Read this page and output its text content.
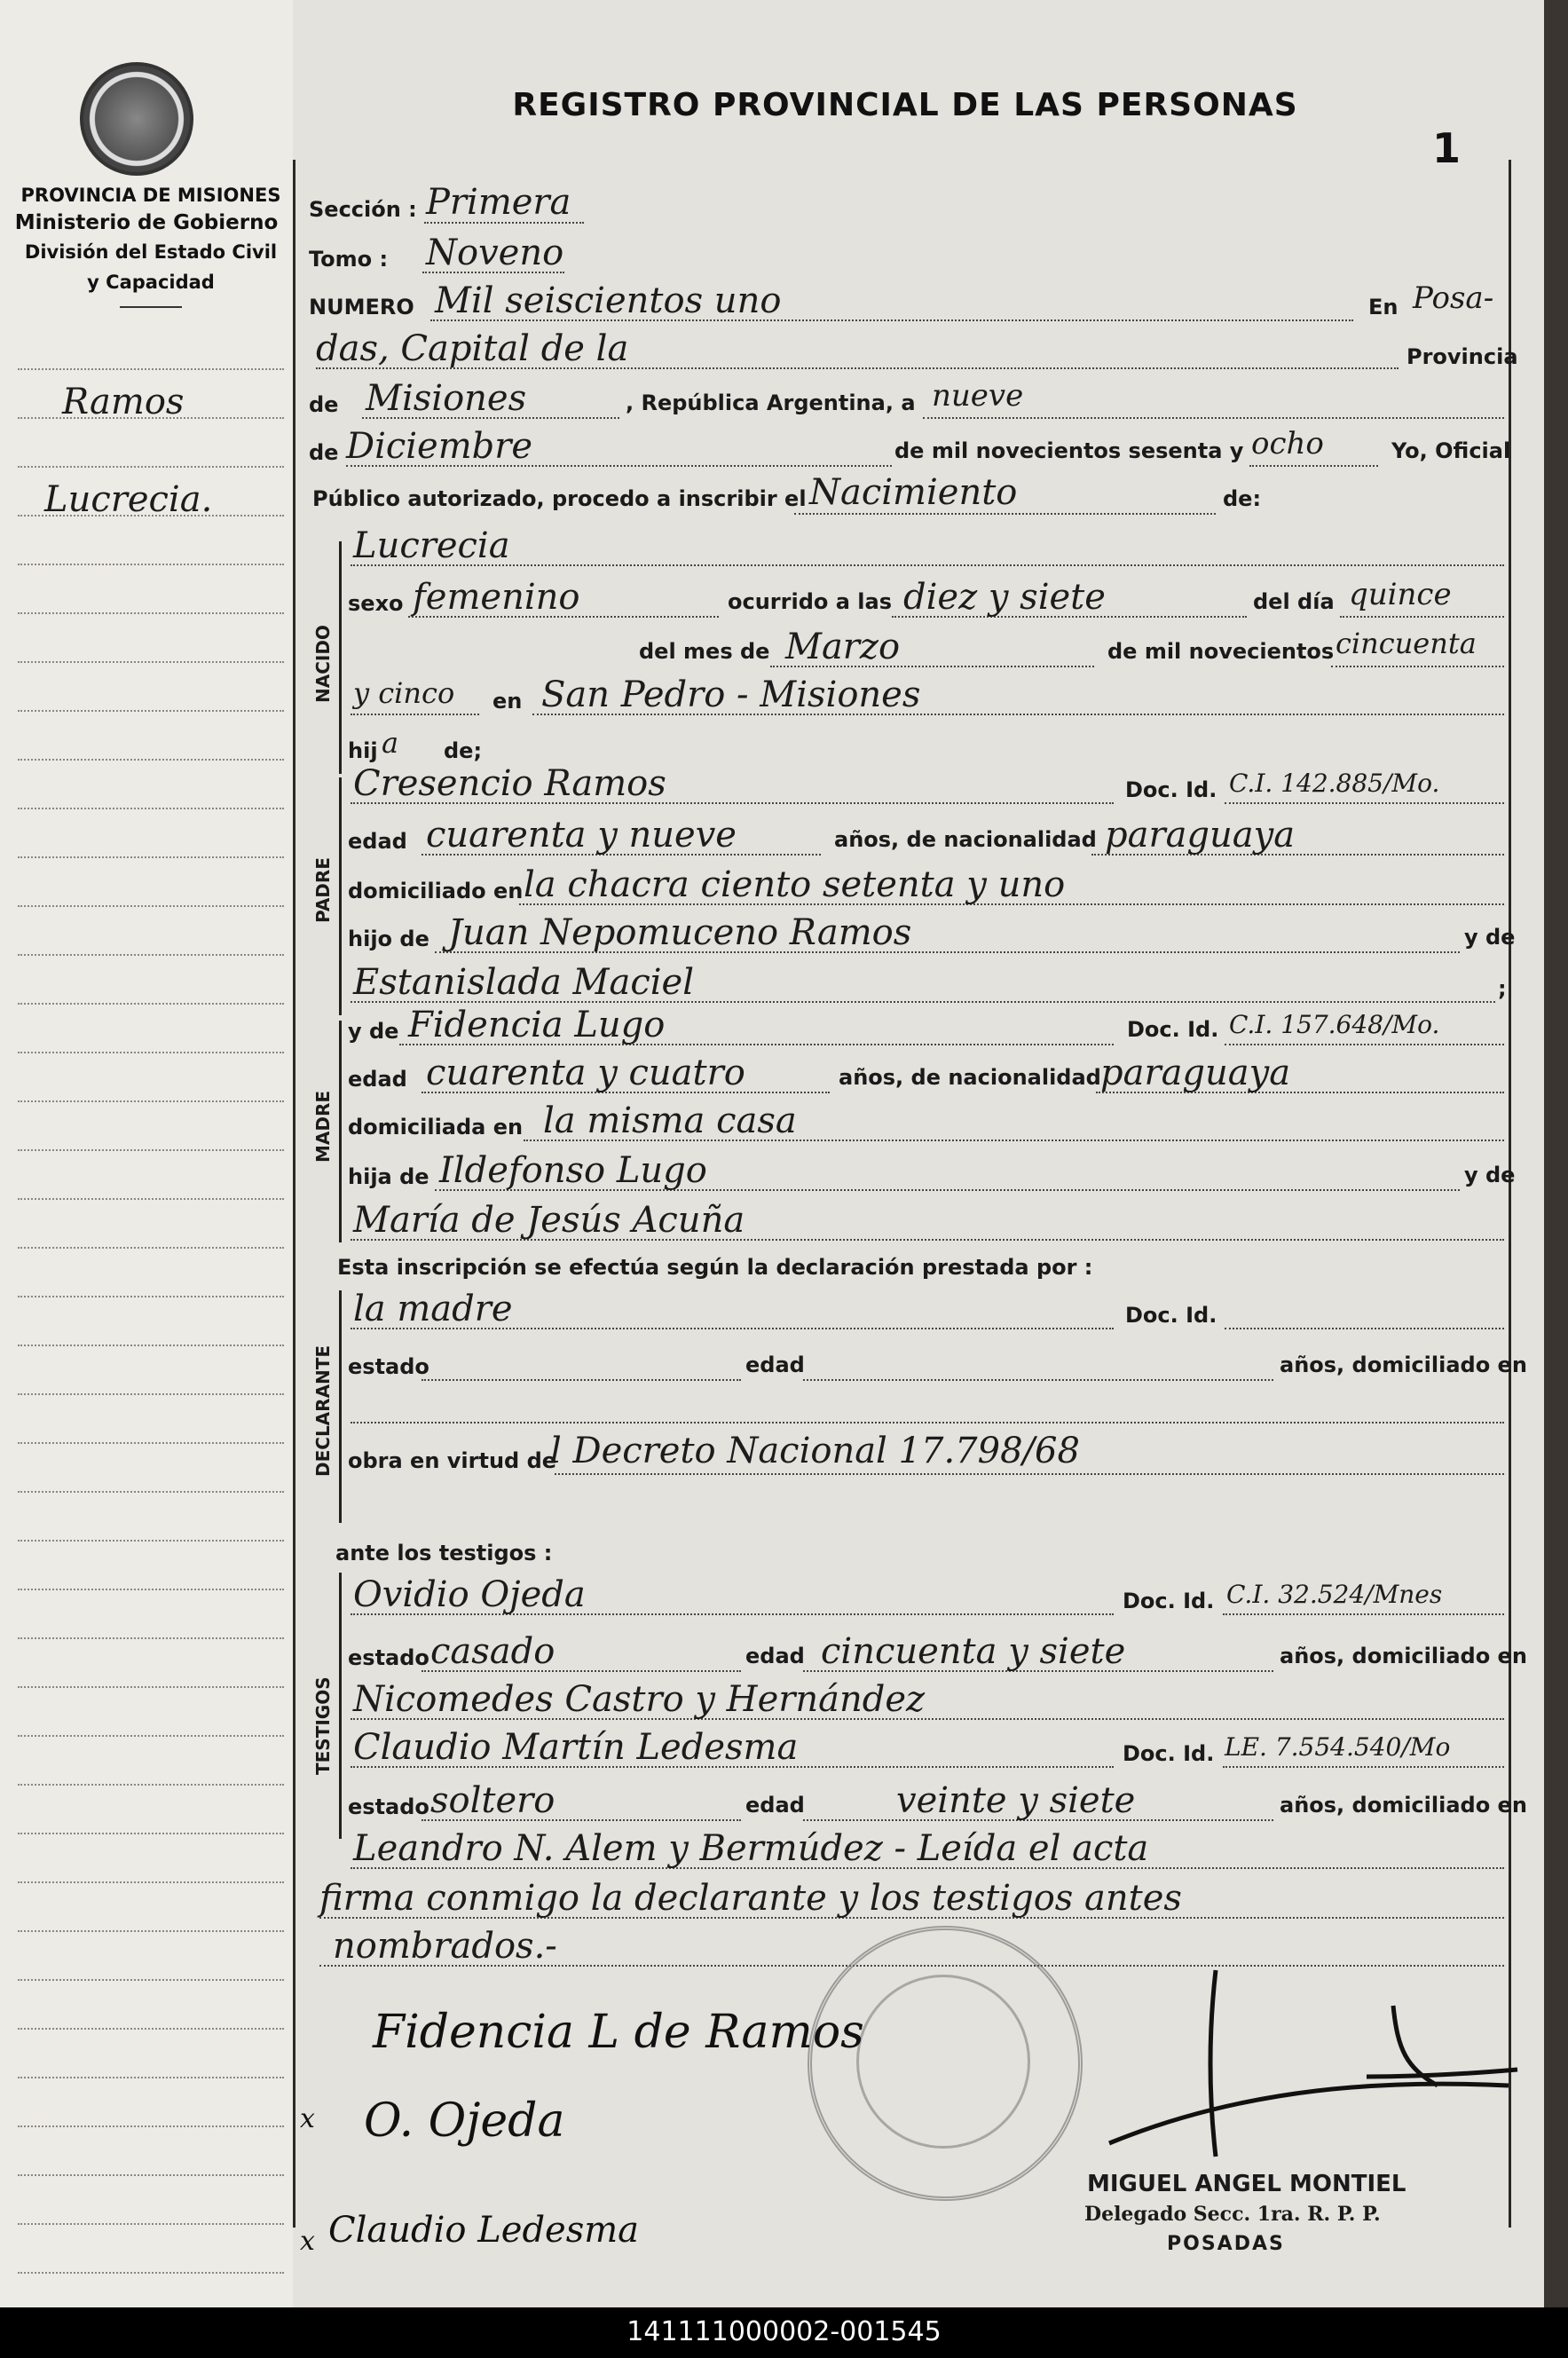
PROVINCIA DE MISIONES
Ministerio de Gobierno
División del Estado Civil
y Capacidad
REGISTRO PROVINCIAL DE LAS PERSONAS
1
Ramos
Lucrecia.
Sección : Primera
Tomo : Noveno
NUMERO Mil seiscientos uno	En Posa-
das, Capital de la	Provincia
de Misiones	, República Argentina, a nueve
de Diciembre	de mil novecientos sesenta y ocho	Yo, Oficial
Público autorizado, procedo a inscribir el Nacimiento	de:
NACIDO
Lucrecia
sexo femenino	ocurrido a las diez y siete	del día quince
del mes de Marzo	de mil novecientos cincuenta
y cinco en San Pedro - Misiones
hij a de;
PADRE
Cresencio Ramos	Doc. Id. C.I. 142.885/Mo.
edad cuarenta y nueve	años, de nacionalidad paraguaya
domiciliado en la chacra ciento setenta y uno
hijo de Juan Nepomuceno Ramos	y de
Estanislada Maciel	;
MADRE
y de Fidencia Lugo	Doc. Id. C.I. 157.648/Mo.
edad cuarenta y cuatro	años, de nacionalidad paraguaya
domiciliada en la misma casa
hija de Ildefonso Lugo	y de
María de Jesús Acuña
Esta inscripción se efectúa según la declaración prestada por :
DECLARANTE
la madre	Doc. Id.
estado	edad	años, domiciliado en
obra en virtud de
l Decreto Nacional 17.798/68
ante los testigos :
TESTIGOS
Ovidio Ojeda	Doc. Id. C.I. 32.524/Mnes
estado casado	edad cincuenta y siete	años, domiciliado en
Nicomedes Castro y Hernández
Claudio Martín Ledesma	Doc. Id. LE. 7.554.540/Mo
estado soltero	edad	veinte y siete	años, domiciliado en
Leandro N. Alem y Bermúdez - Leída el acta
firma conmigo la declarante y los testigos antes
nombrados.-
Fidencia L de Ramos
x O. Ojeda
x Claudio Ledesma
MIGUEL ANGEL MONTIEL
Delegado Secc. 1ra. R. P. P.
POSADAS
141111000002-001545
